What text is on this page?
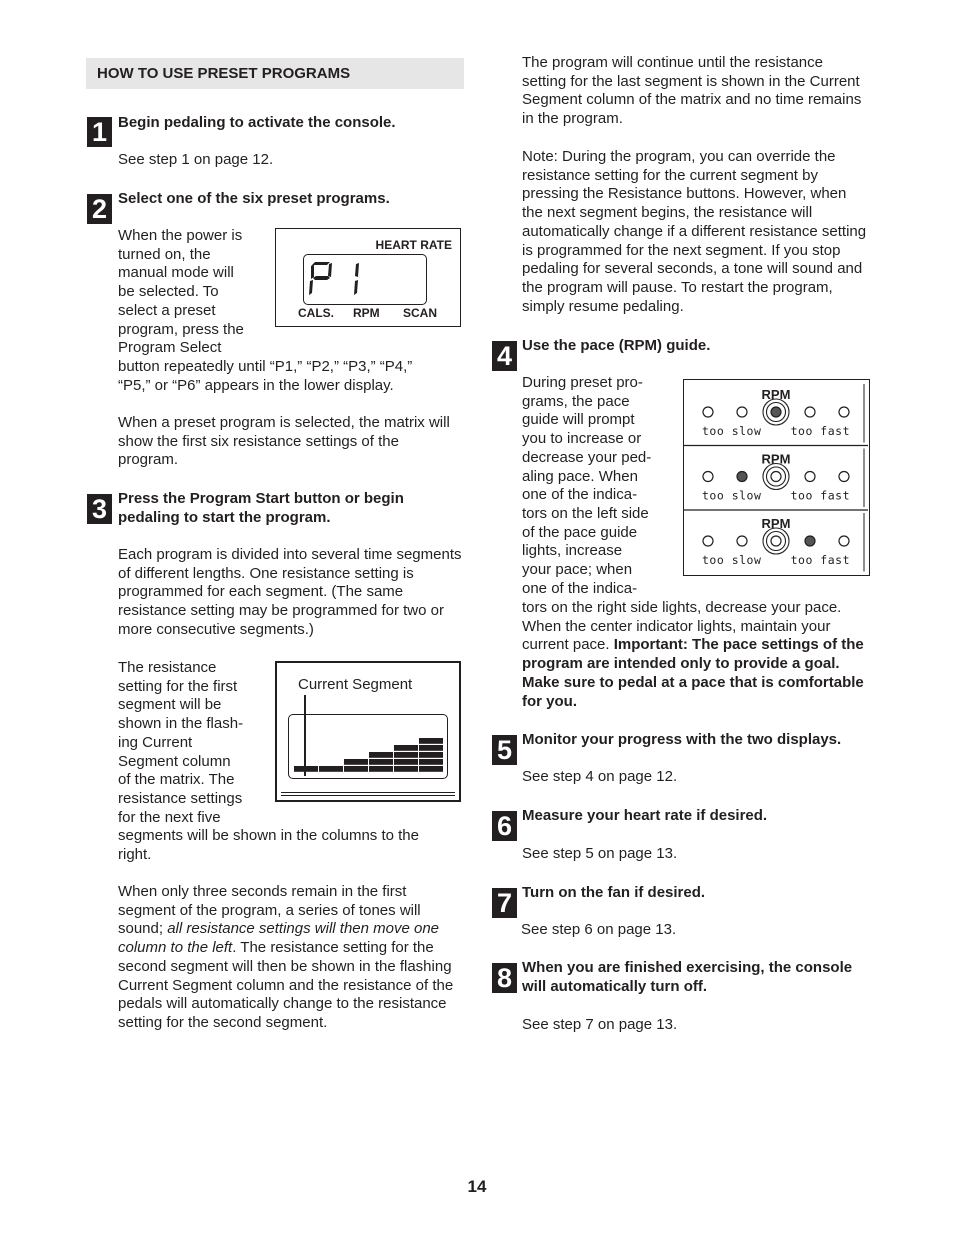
HOW TO USE PRESET PROGRAMS
1 Begin pedaling to activate the console.

See step 1 on page 12.

2 Select one of the six preset programs.

When the power is

turned on, the

manual mode will

be selected. To

select a preset

program, press the

Program Select

button repeatedly until “P1,” “P2,” “P3,” “P4,” “P5,” or “P6” appears in the lower display.

When a preset program is selected, the matrix will show the first six resistance settings of the program.

HEART RATE
CALS. RPM SCAN
3 Press the Program Start button or begin pedaling to start the program.

Each program is divided into several time segments of different lengths. One resistance setting is programmed for each segment. (The same resistance setting may be programmed for two or more consecutive segments.)

The resistance

setting for the first

segment will be

shown in the flash-

ing Current

Segment column

of the matrix. The

resistance settings

for the next five

segments will be shown in the columns to the right.

When only three seconds remain in the first segment of the program, a series of tones will sound; all resistance settings will then move one column to the left. The resistance setting for the second segment will then be shown in the flashing Current Segment column and the resistance of the pedals will automatically change to the resistance setting for the second segment.

Current Segment

The program will continue until the resistance setting for the last segment is shown in the Current Segment column of the matrix and no time remains in the program.

Note: During the program, you can override the resistance setting for the current segment by pressing the Resistance buttons. However, when the next segment begins, the resistance will automatically change if a different resistance setting is programmed for the next segment. If you stop pedaling for several seconds, a tone will sound and the program will pause. To restart the program, simply resume pedaling.

4 Use the pace (RPM) guide.

During preset pro-

grams, the pace

guide will prompt

you to increase or

decrease your ped-

aling pace. When

one of the indica-

tors on the left side

of the pace guide

lights, increase

your pace; when

one of the indica-

tors on the right side lights, decrease your pace. When the center indicator lights, maintain your current pace. Important: The pace settings of the program are intended only to provide a goal. Make sure to pedal at a pace that is comfortable for you.

RPM
too slow	too fast
RPM
too slow	too fast
RPM
too slow	too fast
5 Monitor your progress with the two displays.

See step 4 on page 12.

6 Measure your heart rate if desired.

See step 5 on page 13.

7 Turn on the fan if desired.

See step 6 on page 13.

8 When you are finished exercising, the console will automatically turn off.

See step 7 on page 13.

14
